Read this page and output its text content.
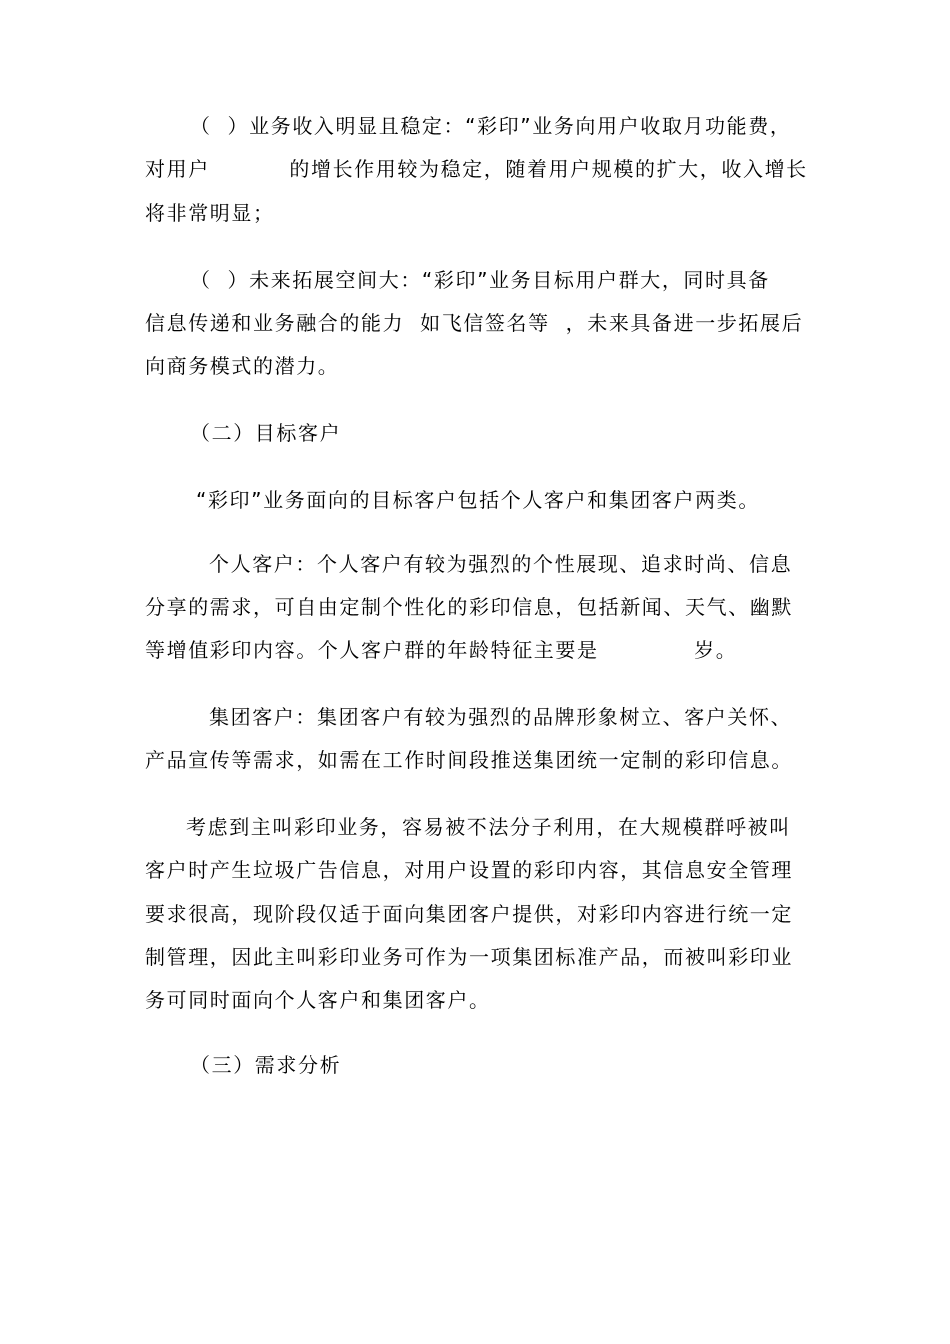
（  ）业务收入明显且稳定：“彩印”业务向用户收取月功能费，
对用户          的增长作用较为稳定，随着用户规模的扩大，收入增长
将非常明显；
（  ）未来拓展空间大：“彩印”业务目标用户群大，同时具备
信息传递和业务融合的能力  如飞信签名等  ，未来具备进一步拓展后
向商务模式的潜力。
（二）目标客户
“彩印”业务面向的目标客户包括个人客户和集团客户两类。
个人客户：个人客户有较为强烈的个性展现、追求时尚、信息
分享的需求，可自由定制个性化的彩印信息，包括新闻、天气、幽默
等增值彩印内容。个人客户群的年龄特征主要是            岁。
集团客户：集团客户有较为强烈的品牌形象树立、客户关怀、
产品宣传等需求，如需在工作时间段推送集团统一定制的彩印信息。
考虑到主叫彩印业务，容易被不法分子利用，在大规模群呼被叫
客户时产生垃圾广告信息，对用户设置的彩印内容，其信息安全管理
要求很高，现阶段仅适于面向集团客户提供，对彩印内容进行统一定
制管理，因此主叫彩印业务可作为一项集团标准产品，而被叫彩印业
务可同时面向个人客户和集团客户。
（三）需求分析
